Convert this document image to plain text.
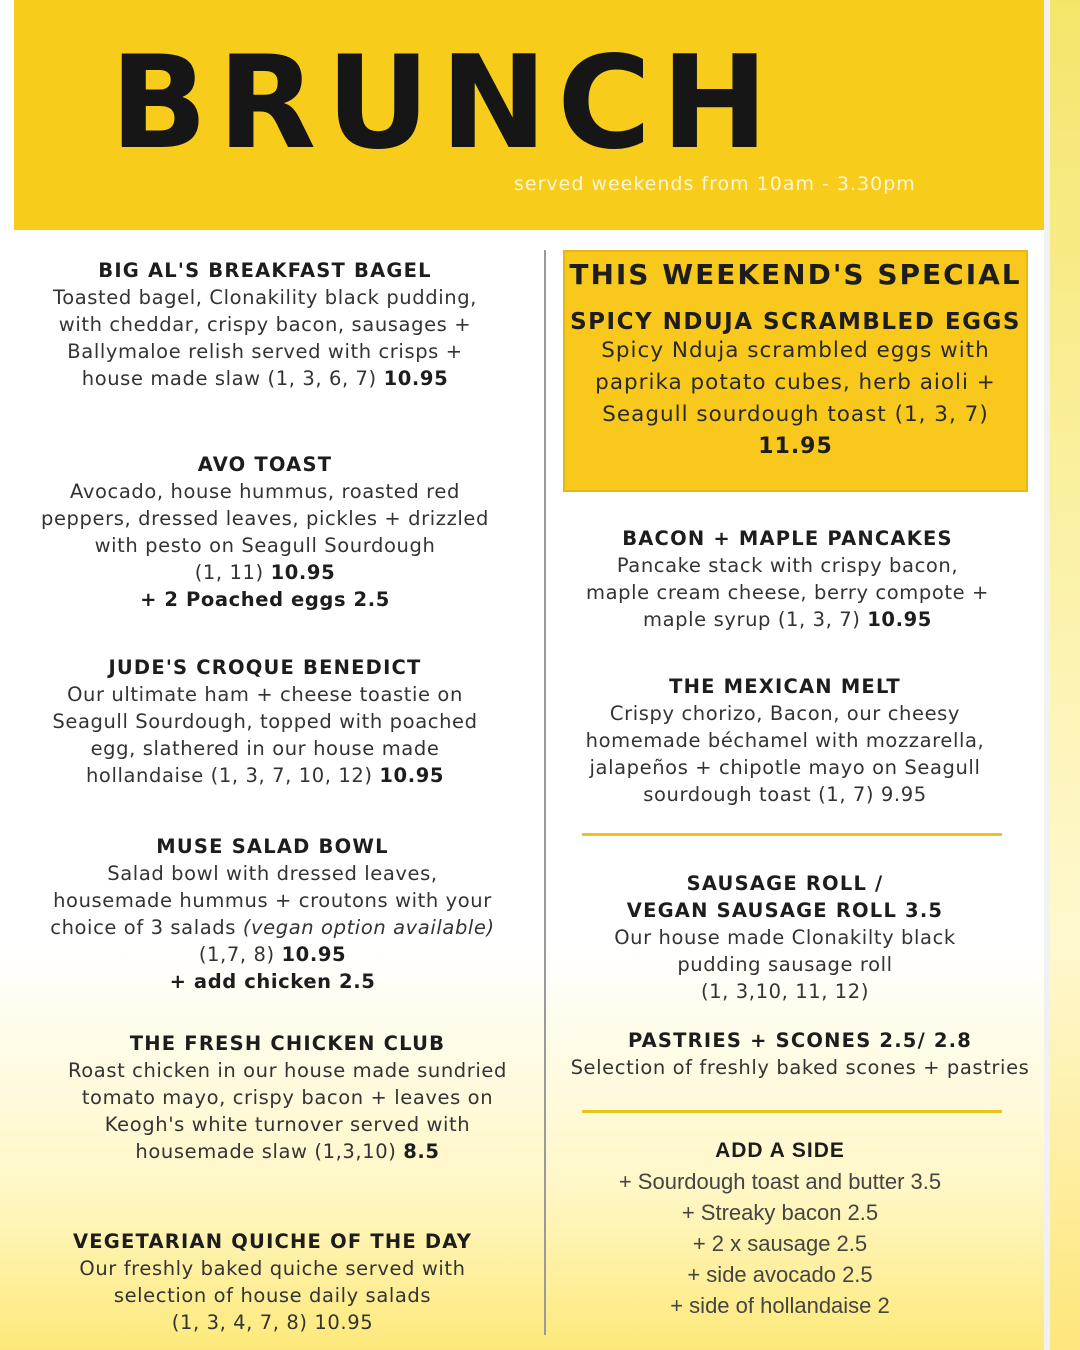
BRUNCH
served weekends from 10am - 3.30pm
BIG AL'S BREAKFAST BAGEL
Toasted bagel, Clonakility black pudding,
with cheddar, crispy bacon, sausages +
Ballymaloe relish served with crisps +
house made slaw (1, 3, 6, 7) 10.95
AVO TOAST
Avocado, house hummus, roasted red
peppers, dressed leaves, pickles + drizzled
with pesto on Seagull Sourdough
(1, 11) 10.95
+ 2 Poached eggs 2.5
JUDE'S CROQUE BENEDICT
Our ultimate ham + cheese toastie on
Seagull Sourdough, topped with poached
egg, slathered in our house made
hollandaise (1, 3, 7, 10, 12) 10.95
MUSE SALAD BOWL
Salad bowl with dressed leaves,
housemade hummus + croutons with your
choice of 3 salads (vegan option available)
(1,7, 8) 10.95
+ add chicken 2.5
THE FRESH CHICKEN CLUB
Roast chicken in our house made sundried
tomato mayo, crispy bacon + leaves on
Keogh's white turnover served with
housemade slaw (1,3,10) 8.5
VEGETARIAN QUICHE OF THE DAY
Our freshly baked quiche served with
selection of house daily salads
(1, 3, 4, 7, 8) 10.95
THIS WEEKEND'S SPECIAL
SPICY NDUJA SCRAMBLED EGGS
Spicy Nduja scrambled eggs with
paprika potato cubes, herb aioli +
Seagull sourdough toast (1, 3, 7)
11.95
BACON + MAPLE PANCAKES
Pancake stack with crispy bacon,
maple cream cheese, berry compote +
maple syrup (1, 3, 7) 10.95
THE MEXICAN MELT
Crispy chorizo, Bacon, our cheesy
homemade béchamel with mozzarella,
jalapeños + chipotle mayo on Seagull
sourdough toast (1, 7) 9.95
SAUSAGE ROLL /
VEGAN SAUSAGE ROLL 3.5
Our house made Clonakilty black
pudding sausage roll
(1, 3,10, 11, 12)
PASTRIES + SCONES 2.5/ 2.8
Selection of freshly baked scones + pastries
ADD A SIDE
+ Sourdough toast and butter 3.5
+ Streaky bacon 2.5
+ 2 x sausage 2.5
+ side avocado 2.5
+ side of hollandaise 2
